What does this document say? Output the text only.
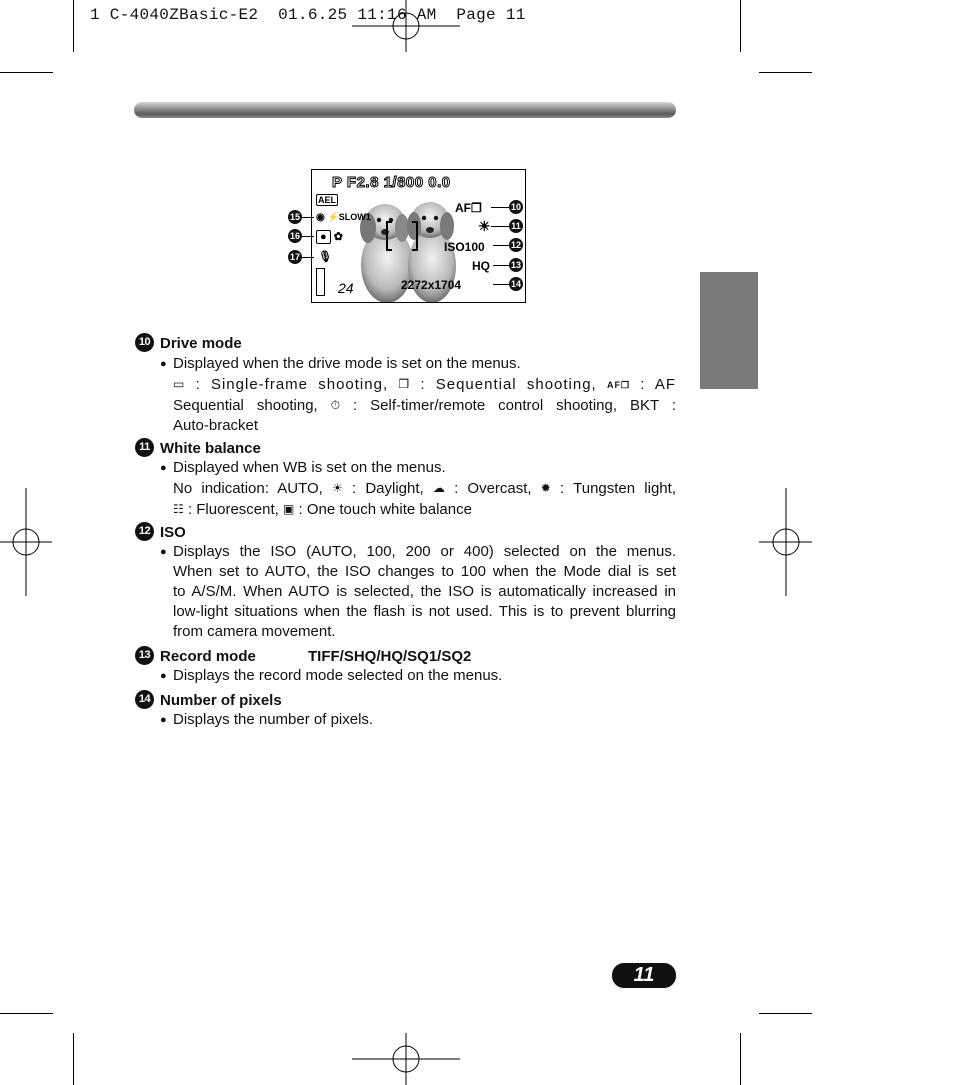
1 C-4040ZBasic-E2  01.6.25 11:16 AM  Page 11
P F2.8 1/800 0.0
AEL
◉ ⚡SLOW1
● ✿
🎙
24
AF❐
☀
ISO100
HQ
2272x1704
10
11
12
13
14
15
16
17
10 Drive mode
● Displayed when the drive mode is set on the menus.
▭ : Single-frame shooting, ❐ : Sequential shooting, AF❐ : AF
Sequential shooting, ⏱ : Self-timer/remote control shooting, BKT :
Auto-bracket
11 White balance
● Displayed when WB is set on the menus.
No indication: AUTO, ☀ : Daylight, ☁ : Overcast, ✹ : Tungsten light,
☷ : Fluorescent, ▣ : One touch white balance
12 ISO
● Displays the ISO (AUTO, 100, 200 or 400) selected on the menus.
When set to AUTO, the ISO changes to 100 when the Mode dial is set
to A/S/M. When AUTO is selected, the ISO is automatically increased in
low-light situations when the flash is not used. This is to prevent blurring
from camera movement.
13 Record mode	TIFF/SHQ/HQ/SQ1/SQ2
● Displays the record mode selected on the menus.
14 Number of pixels
● Displays the number of pixels.
11
